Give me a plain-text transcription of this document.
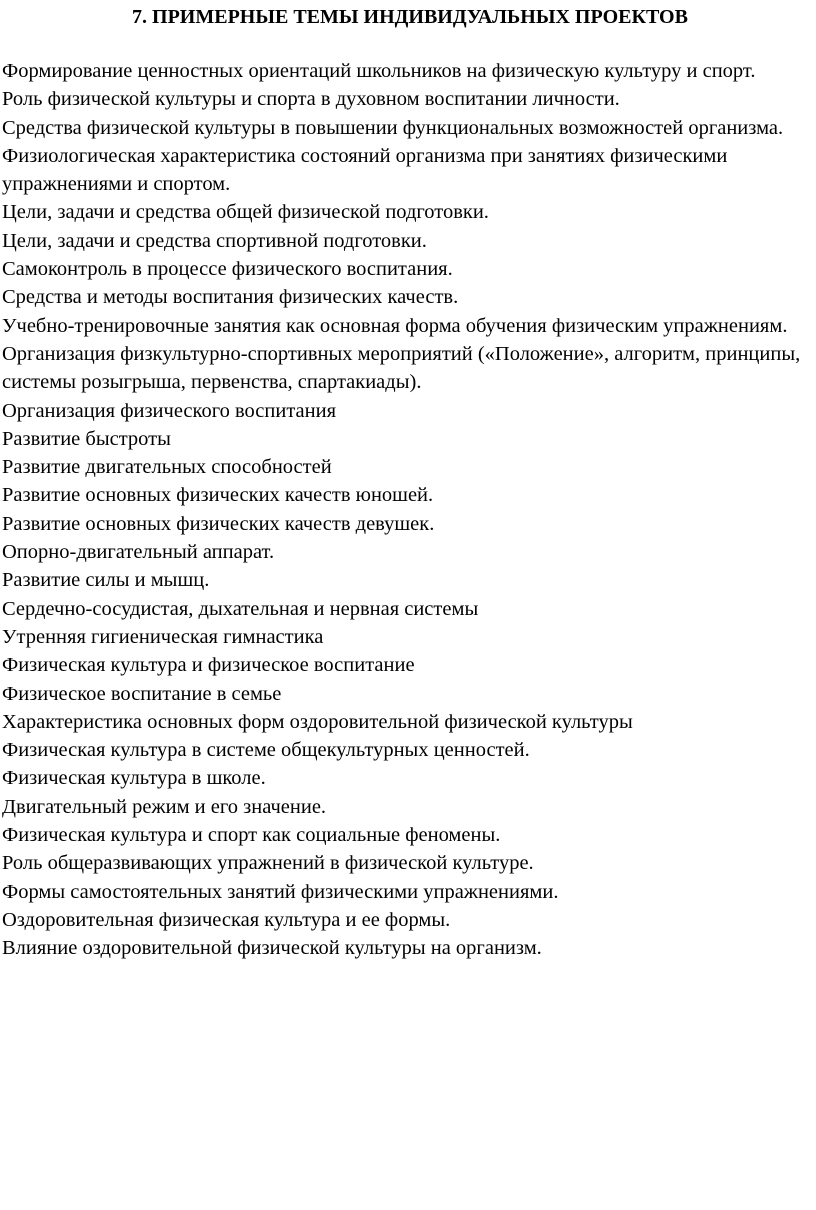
7. ПРИМЕРНЫЕ ТЕМЫ ИНДИВИДУАЛЬНЫХ ПРОЕКТОВ
Формирование ценностных ориентаций школьников на физическую культуру и спорт.
Роль физической культуры и спорта в духовном воспитании личности.
Средства физической культуры в повышении функциональных возможностей организма.
Физиологическая характеристика состояний организма при занятиях физическими упражнениями и спортом.
Цели, задачи и средства общей физической подготовки.
Цели, задачи и средства спортивной подготовки.
Самоконтроль в процессе физического воспитания.
Средства и методы воспитания физических качеств.
Учебно-тренировочные занятия как основная форма обучения физическим упражнениям.
Организация физкультурно-спортивных мероприятий («Положение», алгоритм, принципы, системы розыгрыша, первенства, спартакиады).
Организация физического воспитания
Развитие быстроты
Развитие двигательных способностей
Развитие основных физических качеств юношей.
Развитие основных физических качеств девушек.
Опорно-двигательный аппарат.
Развитие силы и мышц.
Сердечно-сосудистая, дыхательная и нервная системы
Утренняя гигиеническая гимнастика
Физическая культура и физическое воспитание
Физическое воспитание в семье
Характеристика основных форм оздоровительной физической культуры
Физическая культура в системе общекультурных ценностей.
Физическая культура в школе.
Двигательный режим и его значение.
Физическая культура и спорт как социальные феномены.
Роль общеразвивающих упражнений в физической культуре.
Формы самостоятельных занятий физическими упражнениями.
Оздоровительная физическая культура и ее формы.
Влияние оздоровительной физической культуры на организм.
